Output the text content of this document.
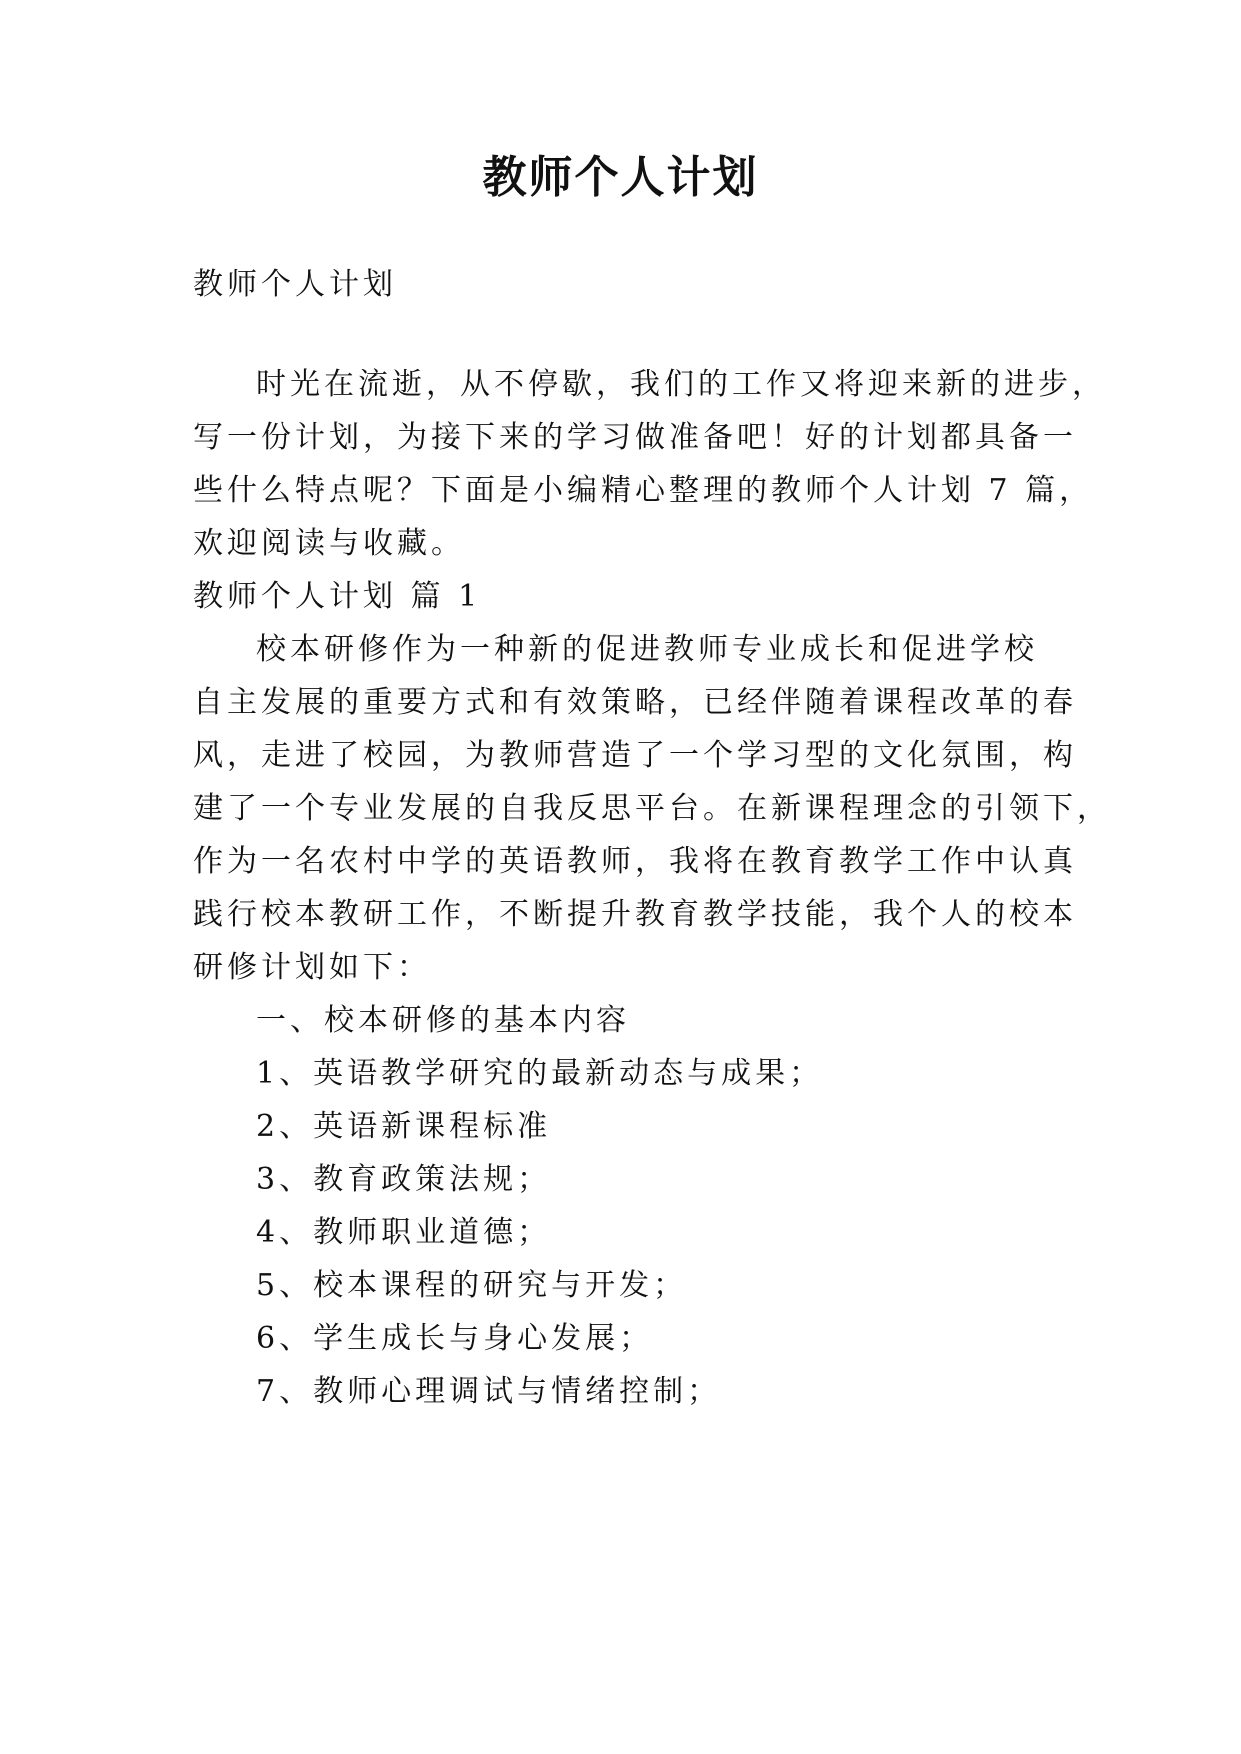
教师个人计划

教师个人计划

时光在流逝，从不停歇，我们的工作又将迎来新的进步，

写一份计划，为接下来的学习做准备吧！好的计划都具备一

些什么特点呢？下面是小编精心整理的教师个人计划 7 篇，

欢迎阅读与收藏。

教师个人计划 篇 1

校本研修作为一种新的促进教师专业成长和促进学校

自主发展的重要方式和有效策略，已经伴随着课程改革的春

风，走进了校园，为教师营造了一个学习型的文化氛围，构

建了一个专业发展的自我反思平台。在新课程理念的引领下，

作为一名农村中学的英语教师，我将在教育教学工作中认真

践行校本教研工作，不断提升教育教学技能，我个人的校本

研修计划如下：

一、校本研修的基本内容

1、英语教学研究的最新动态与成果；

2、英语新课程标准

3、教育政策法规；

4、教师职业道德；

5、校本课程的研究与开发；

6、学生成长与身心发展；

7、教师心理调试与情绪控制；
